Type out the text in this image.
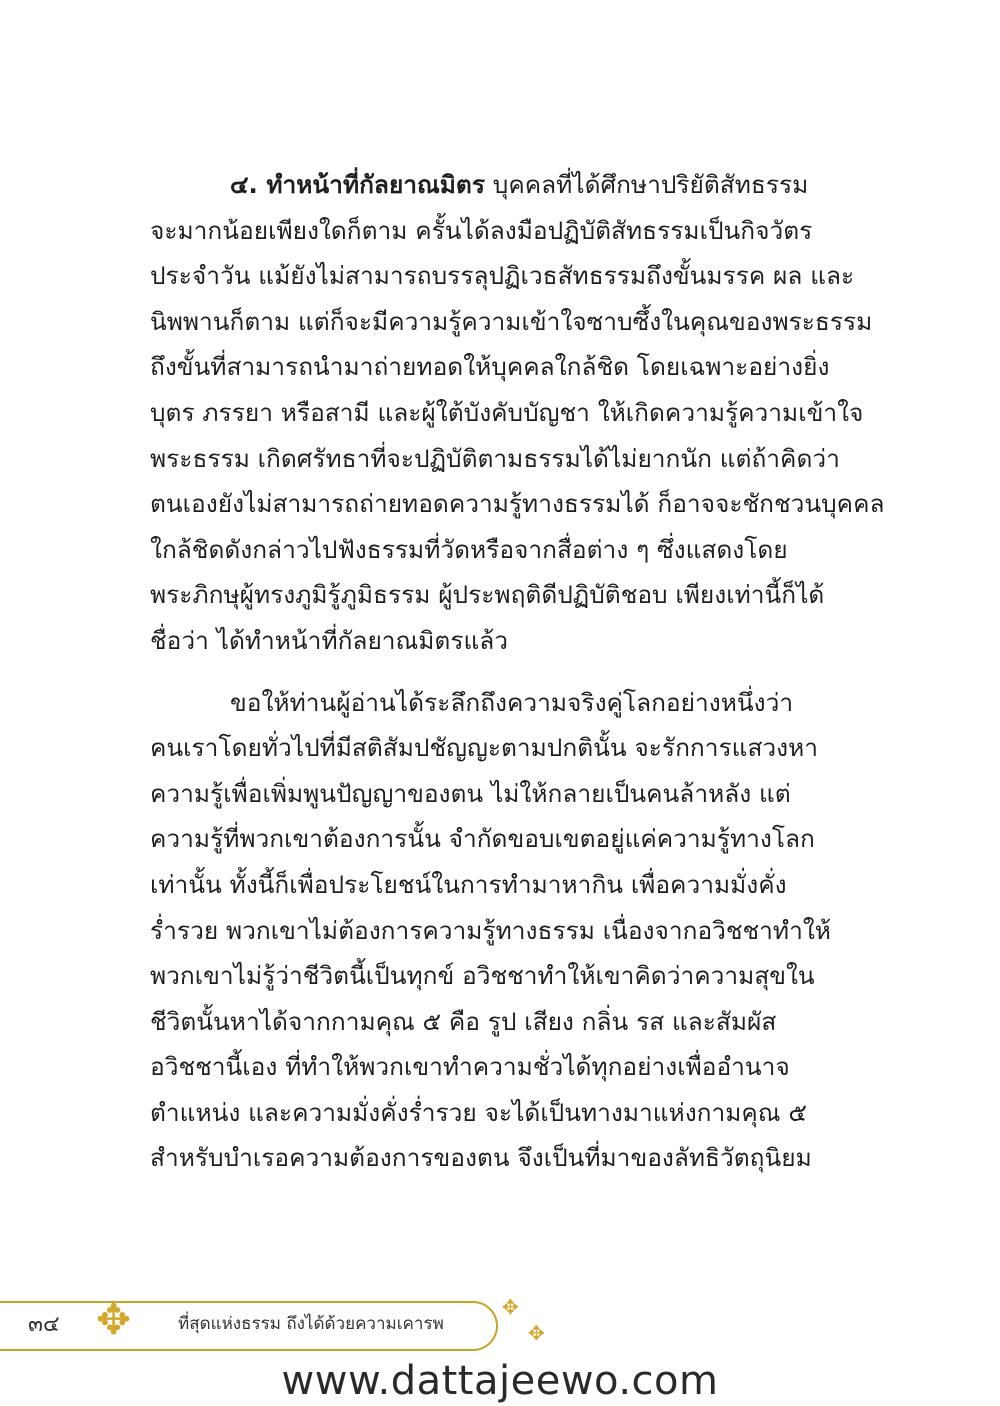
๔. ทำหน้าที่กัลยาณมิตร บุคคลที่ได้ศึกษาปริยัติสัทธรรม
จะมากน้อยเพียงใดก็ตาม ครั้นได้ลงมือปฏิบัติสัทธรรมเป็นกิจวัตร
ประจำวัน แม้ยังไม่สามารถบรรลุปฏิเวธสัทธรรมถึงขั้นมรรค ผล และ
นิพพานก็ตาม แต่ก็จะมีความรู้ความเข้าใจซาบซึ้งในคุณของพระธรรม
ถึงขั้นที่สามารถนำมาถ่ายทอดให้บุคคลใกล้ชิด โดยเฉพาะอย่างยิ่ง
บุตร ภรรยา หรือสามี และผู้ใต้บังคับบัญชา ให้เกิดความรู้ความเข้าใจ
พระธรรม เกิดศรัทธาที่จะปฏิบัติตามธรรมได้ไม่ยากนัก แต่ถ้าคิดว่า
ตนเองยังไม่สามารถถ่ายทอดความรู้ทางธรรมได้ ก็อาจจะชักชวนบุคคล
ใกล้ชิดดังกล่าวไปฟังธรรมที่วัดหรือจากสื่อต่าง ๆ ซึ่งแสดงโดย
พระภิกษุผู้ทรงภูมิรู้ภูมิธรรม ผู้ประพฤติดีปฏิบัติชอบ เพียงเท่านี้ก็ได้
ชื่อว่า ได้ทำหน้าที่กัลยาณมิตรแล้ว

ขอให้ท่านผู้อ่านได้ระลึกถึงความจริงคู่โลกอย่างหนึ่งว่า
คนเราโดยทั่วไปที่มีสติสัมปชัญญะตามปกตินั้น จะรักการแสวงหา
ความรู้เพื่อเพิ่มพูนปัญญาของตน ไม่ให้กลายเป็นคนล้าหลัง แต่
ความรู้ที่พวกเขาต้องการนั้น จำกัดขอบเขตอยู่แค่ความรู้ทางโลก
เท่านั้น ทั้งนี้ก็เพื่อประโยชน์ในการทำมาหากิน เพื่อความมั่งคั่ง
ร่ำรวย พวกเขาไม่ต้องการความรู้ทางธรรม เนื่องจากอวิชชาทำให้
พวกเขาไม่รู้ว่าชีวิตนี้เป็นทุกข์ อวิชชาทำให้เขาคิดว่าความสุขใน
ชีวิตนั้นหาได้จากกามคุณ ๕ คือ รูป เสียง กลิ่น รส และสัมผัส
อวิชชานี้เอง ที่ทำให้พวกเขาทำความชั่วได้ทุกอย่างเพื่ออำนาจ
ตำแหน่ง และความมั่งคั่งร่ำรวย จะได้เป็นทางมาแห่งกามคุณ ๕
สำหรับบำเรอความต้องการของตน จึงเป็นที่มาของลัทธิวัตถุนิยม

๓๔ ✥	ที่สุดแห่งธรรม ถึงได้ด้วยความเคารพ
✥
✥
www.dattajeewo.com
